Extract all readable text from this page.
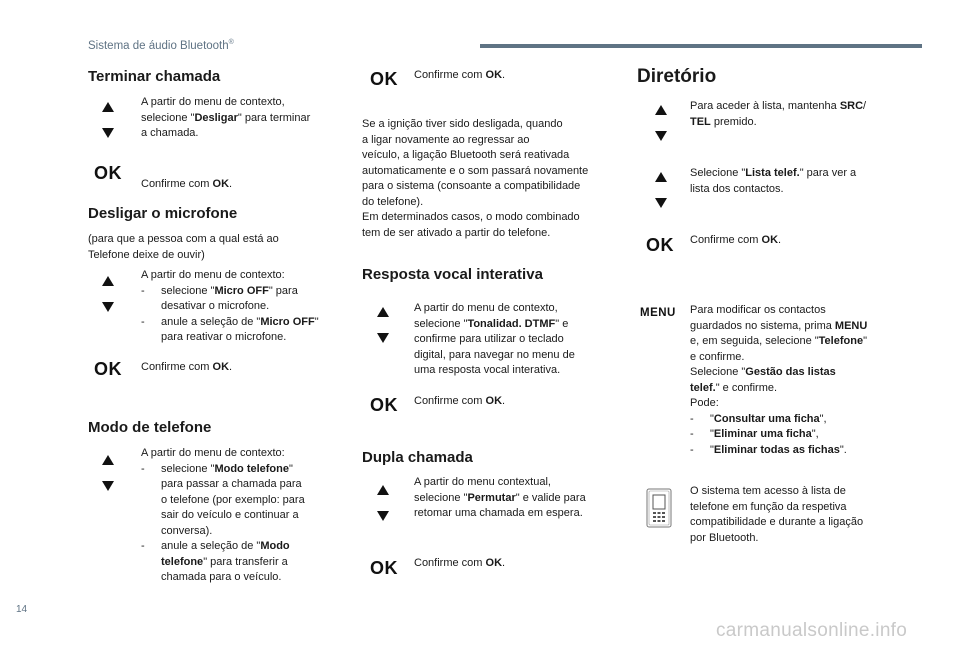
Sistema de áudio Bluetooth®
Terminar chamada
A partir do menu de contexto,
selecione "Desligar" para terminar
a chamada.
OK
Confirme com OK.
Desligar o microfone
(para que a pessoa com a qual está ao
Telefone deixe de ouvir)
A partir do menu de contexto:
- selecione "Micro OFF" para
desativar o microfone.
- anule a seleção de "Micro OFF"
para reativar o microfone.
OK Confirme com OK.
Modo de telefone
A partir do menu de contexto:
- selecione "Modo telefone"
para passar a chamada para
o telefone (por exemplo: para
sair do veículo e continuar a
conversa).
- anule a seleção de "Modo
telefone" para transferir a
chamada para o veículo.
OK Confirme com OK.
Se a ignição tiver sido desligada, quando
a ligar novamente ao regressar ao
veículo, a ligação Bluetooth será reativada
automaticamente e o som passará novamente
para o sistema (consoante a compatibilidade
do telefone).
Em determinados casos, o modo combinado
tem de ser ativado a partir do telefone.
Resposta vocal interativa
A partir do menu de contexto,
selecione "Tonalidad. DTMF" e
confirme para utilizar o teclado
digital, para navegar no menu de
uma resposta vocal interativa.
OK Confirme com OK.
Dupla chamada
A partir do menu contextual,
selecione "Permutar" e valide para
retomar uma chamada em espera.
OK Confirme com OK.
Diretório
Para aceder à lista, mantenha SRC/
TEL premido.
Selecione "Lista telef." para ver a
lista dos contactos.
OK Confirme com OK.
MENU Para modificar os contactos
guardados no sistema, prima MENU
e, em seguida, selecione "Telefone"
e confirme.
Selecione "Gestão das listas
telef." e confirme.
Pode:
- "Consultar uma ficha",
- "Eliminar uma ficha",
- "Eliminar todas as fichas".
O sistema tem acesso à lista de
telefone em função da respetiva
compatibilidade e durante a ligação
por Bluetooth.
14
carmanualsonline.info
